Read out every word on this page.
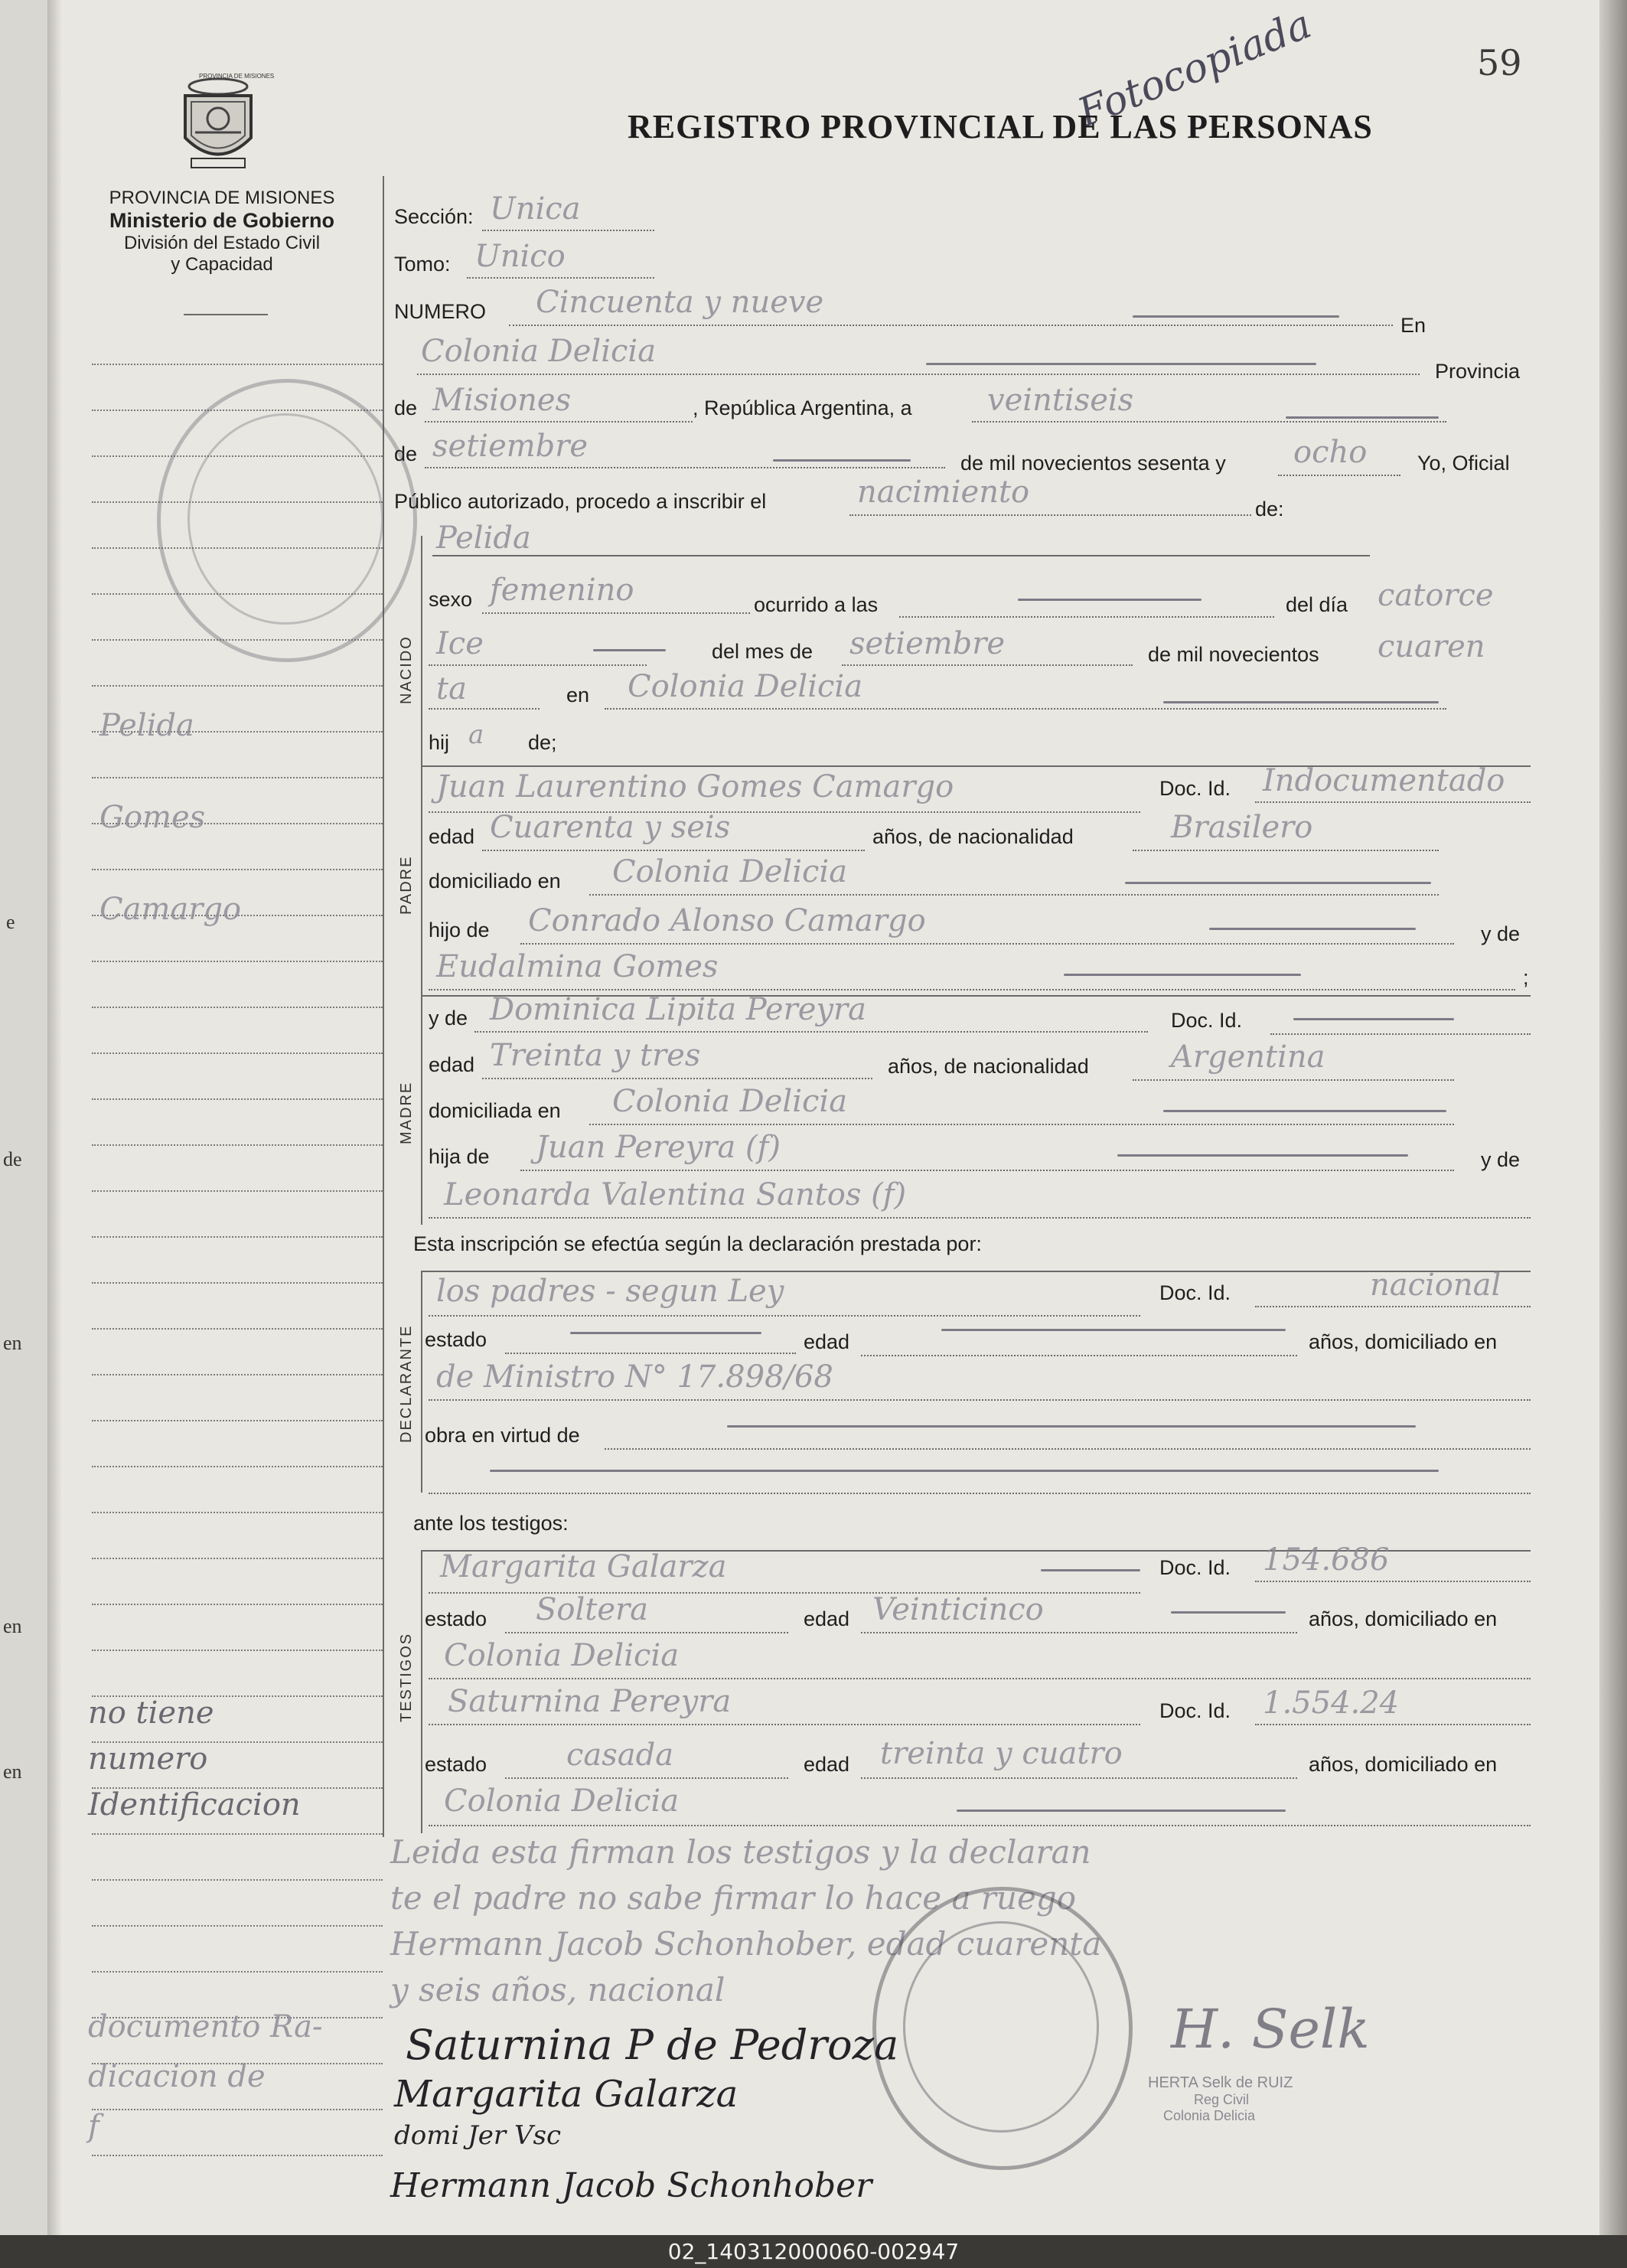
e
de
en
en
en
59
Fotocopiada
REGISTRO PROVINCIAL DE LAS PERSONAS
PROVINCIA DE MISIONES
PROVINCIA DE MISIONES
Ministerio de Gobierno
División del Estado Civil
y Capacidad
Pelida
Gomes
Camargo
no tiene
numero
Identificacion
documento Ra-
dicacion de
f
Sección: Unica
Tomo: Unico
NUMERO Cincuenta y nueve
En
Colonia Delicia
Provincia
de Misiones	, República Argentina, a veintiseis
de setiembre	de mil novecientos sesenta y ocho Yo, Oficial
Público autorizado, procedo a inscribir el	nacimiento	de:
NACIDO
Pelida
sexo femenino	ocurrido a las	del día catorce
Ice	del mes de setiembre	de mil novecientos cuaren
ta	en Colonia Delicia
hij a de;
PADRE
Juan Laurentino Gomes Camargo	Doc. Id. Indocumentado
edad Cuarenta y seis	años, de nacionalidad	Brasilero
domiciliado en Colonia Delicia
hijo de Conrado Alonso Camargo	y de
Eudalmina Gomes	;
MADRE
y de Dominica Lipita Pereyra	Doc. Id.
edad Treinta y tres	años, de nacionalidad	Argentina
domiciliada en Colonia Delicia
hija de Juan Pereyra (f)	y de
Leonarda Valentina Santos (f)
Esta inscripción se efectúa según la declaración prestada por:
DECLARANTE
los padres - segun Ley	Doc. Id.	nacional
estado	edad	años, domiciliado en
de Ministro N° 17.898/68
obra en virtud de
ante los testigos:
TESTIGOS
Margarita Galarza	Doc. Id. 154.686
estado Soltera	edad Veinticinco	años, domiciliado en
Colonia Delicia
Saturnina Pereyra	Doc. Id. 1.554.24
estado	casada	edad treinta y cuatro	años, domiciliado en
Colonia Delicia
Leida esta firman los testigos y la declaran
te el padre no sabe firmar lo hace a ruego
Hermann Jacob Schonhober, edad cuarenta
y seis años, nacional
Saturnina P de Pedroza
Margarita Galarza
domi Jer Vsc
Hermann Jacob Schonhober
H. Selk
HERTA Selk de RUIZ
Reg Civil
Colonia Delicia
02_140312000060-002947
